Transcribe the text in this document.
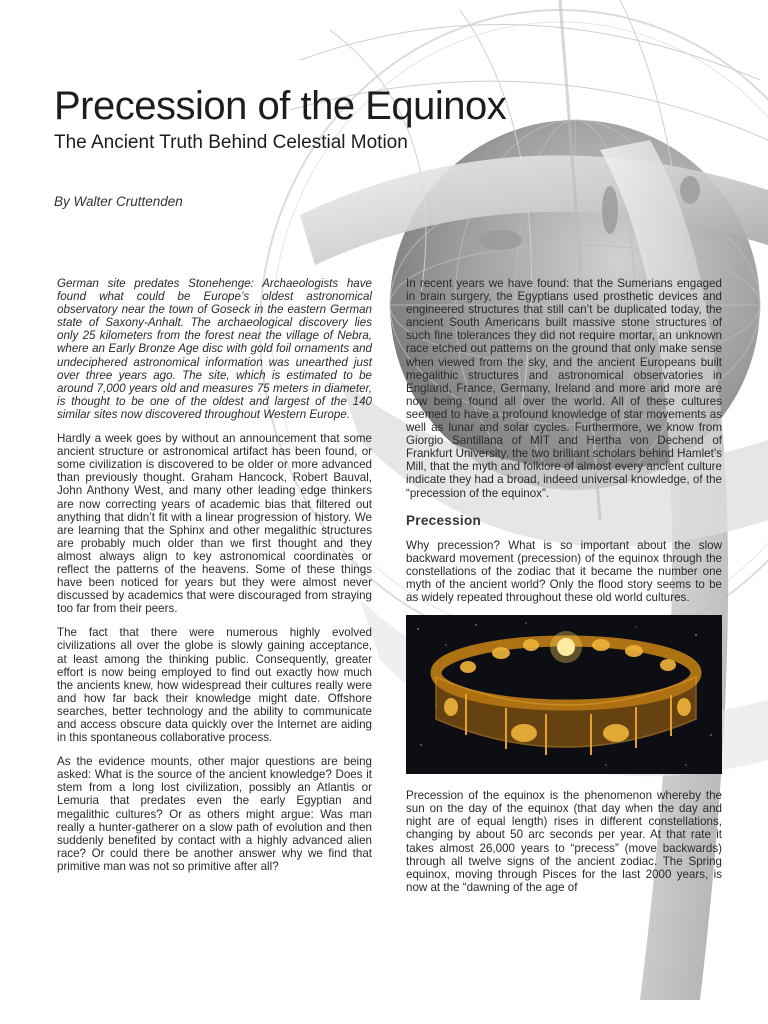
Precession of the Equinox
The Ancient Truth Behind Celestial Motion

By Walter Cruttenden

German site predates Stonehenge: Archaeologists have found what could be Europe’s oldest astronomical observatory near the town of Goseck in the eastern German state of Saxony-Anhalt. The archaeological discovery lies only 25 kilometers from the forest near the village of Nebra, where an Early Bronze Age disc with gold foil ornaments and undeciphered astronomical information was unearthed just over three years ago. The site, which is estimated to be around 7,000 years old and measures 75 meters in diameter, is thought to be one of the oldest and largest of the 140 similar sites now discovered throughout Western Europe.

Hardly a week goes by without an announcement that some ancient structure or astronomical artifact has been found, or some civilization is discovered to be older or more advanced than previously thought. Graham Hancock, Robert Bauval, John Anthony West, and many other leading edge thinkers are now correcting years of academic bias that filtered out anything that didn’t fit with a linear progression of history. We are learning that the Sphinx and other megalithic structures are probably much older than we first thought and they almost always align to key astronomical coordinates or reflect the patterns of the heavens. Some of these things have been noticed for years but they were almost never discussed by academics that were discouraged from straying too far from their peers.

The fact that there were numerous highly evolved civilizations all over the globe is slowly gaining acceptance, at least among the thinking public. Consequently, greater effort is now being employed to find out exactly how much the ancients knew, how widespread their cultures really were and how far back their knowledge might date. Offshore searches, better technology and the ability to communicate and access obscure data quickly over the Internet are aiding in this spontaneous collaborative process.

As the evidence mounts, other major questions are being asked: What is the source of the ancient knowledge? Does it stem from a long lost civilization, possibly an Atlantis or Lemuria that predates even the early Egyptian and megalithic cultures? Or as others might argue: Was man really a hunter-gatherer on a slow path of evolution and then suddenly benefited by contact with a highly advanced alien race? Or could there be another answer why we find that primitive man was not so primitive after all?

In recent years we have found: that the Sumerians engaged in brain surgery, the Egyptians used prosthetic devices and engineered structures that still can’t be duplicated today, the ancient South Americans built massive stone structures of such fine tolerances they did not require mortar, an unknown race etched out patterns on the ground that only make sense when viewed from the sky, and the ancient Europeans built megalithic structures and astronomical observatories in England, France, Germany, Ireland and more and more are now being found all over the world. All of these cultures seemed to have a profound knowledge of star movements as well as lunar and solar cycles. Furthermore, we know from Giorgio Santillana of MIT and Hertha von Dechend of Frankfurt University, the two brilliant scholars behind Hamlet’s Mill, that the myth and folklore of almost every ancient culture indicate they had a broad, indeed universal knowledge, of the “precession of the equinox”.

Precession

Why precession? What is so important about the slow backward movement (precession) of the equinox through the constellations of the zodiac that it became the number one myth of the ancient world? Only the flood story seems to be as widely repeated throughout these old world cultures.

Precession of the equinox is the phenomenon whereby the sun on the day of the equinox (that day when the day and night are of equal length) rises in different constellations, changing by about 50 arc seconds per year. At that rate it takes almost 26,000 years to “precess” (move backwards) through all twelve signs of the ancient zodiac. The Spring equinox, moving through Pisces for the last 2000 years, is now at the “dawning of the age of
